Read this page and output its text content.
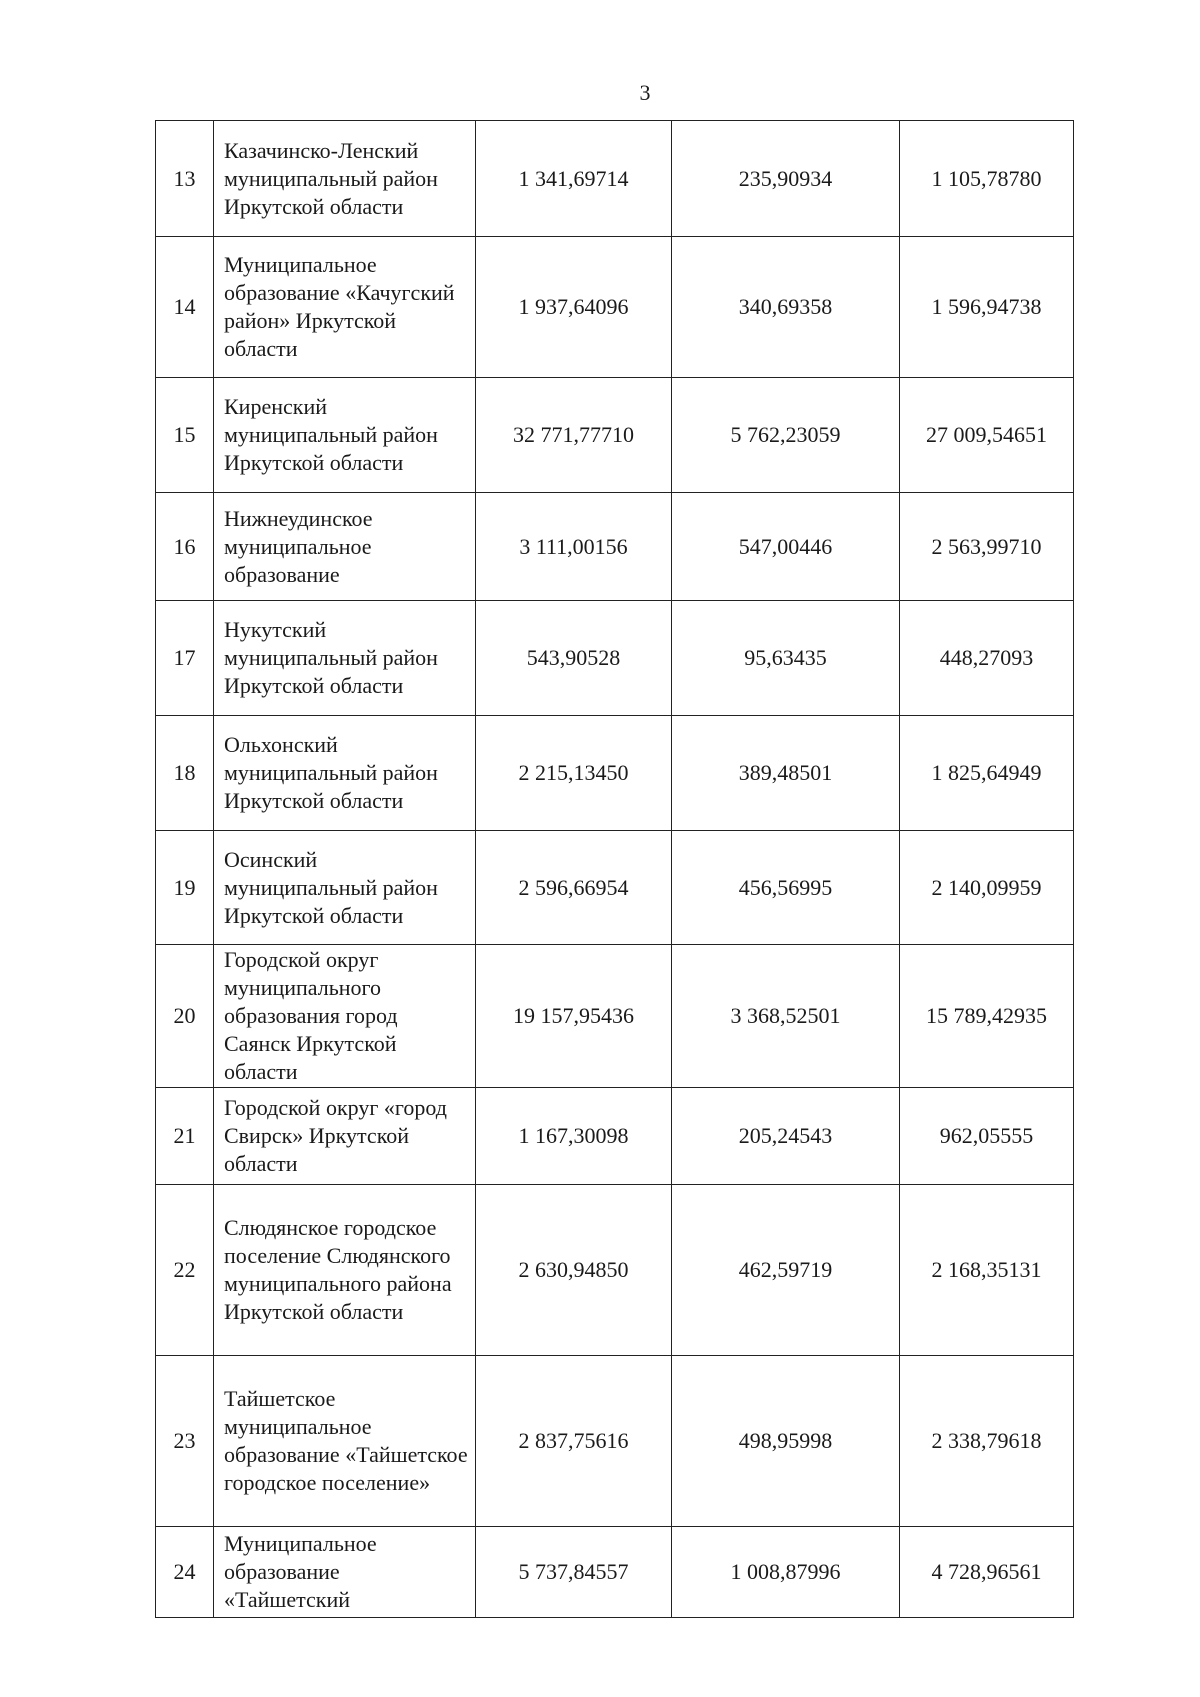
3
13	Казачинско-Ленский муниципальный район Иркутской области	1 341,69714	235,90934	1 105,78780
14	Муниципальное образование «Качугский район» Иркутской области	1 937,64096	340,69358	1 596,94738
15	Киренский муниципальный район Иркутской области	32 771,77710	5 762,23059	27 009,54651
16	Нижнеудинское муниципальное образование	3 111,00156	547,00446	2 563,99710
17	Нукутский муниципальный район Иркутской области	543,90528	95,63435	448,27093
18	Ольхонский муниципальный район Иркутской области	2 215,13450	389,48501	1 825,64949
19	Осинский муниципальный район Иркутской области	2 596,66954	456,56995	2 140,09959
20	Городской округ муниципального образования город Саянск Иркутской области	19 157,95436	3 368,52501	15 789,42935
21	Городской округ «город Свирск» Иркутской области	1 167,30098	205,24543	962,05555
22	Слюдянское городское поселение Слюдянского муниципального района Иркутской области	2 630,94850	462,59719	2 168,35131
23	Тайшетское муниципальное образование «Тайшетское городское поселение»	2 837,75616	498,95998	2 338,79618
24	Муниципальное образование «Тайшетский	5 737,84557	1 008,87996	4 728,96561
